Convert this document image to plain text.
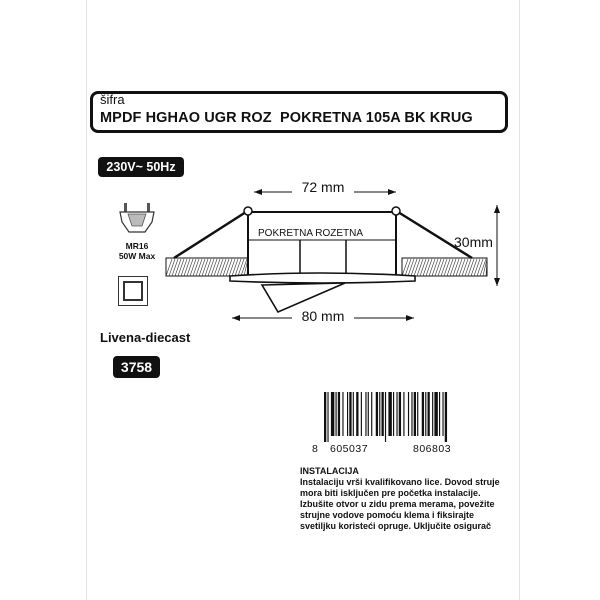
šifra
MPDF HGHAO UGR ROZ  POKRETNA 105A BK KRUG
230V~ 50Hz
72 mm
80 mm
30mm
POKRETNA ROZETNA
MR16
50W Max
Livena-diecast
3758
8 605037	806803
INSTALACIJA
Instalaciju vrši kvalifikovano lice. Dovod struje mora biti isključen pre početka instalacije. Izbušite otvor u zidu prema merama, povežite strujne vodove pomoću klema i fiksirajte svetiljku koristeći opruge. Uključite osigurač
